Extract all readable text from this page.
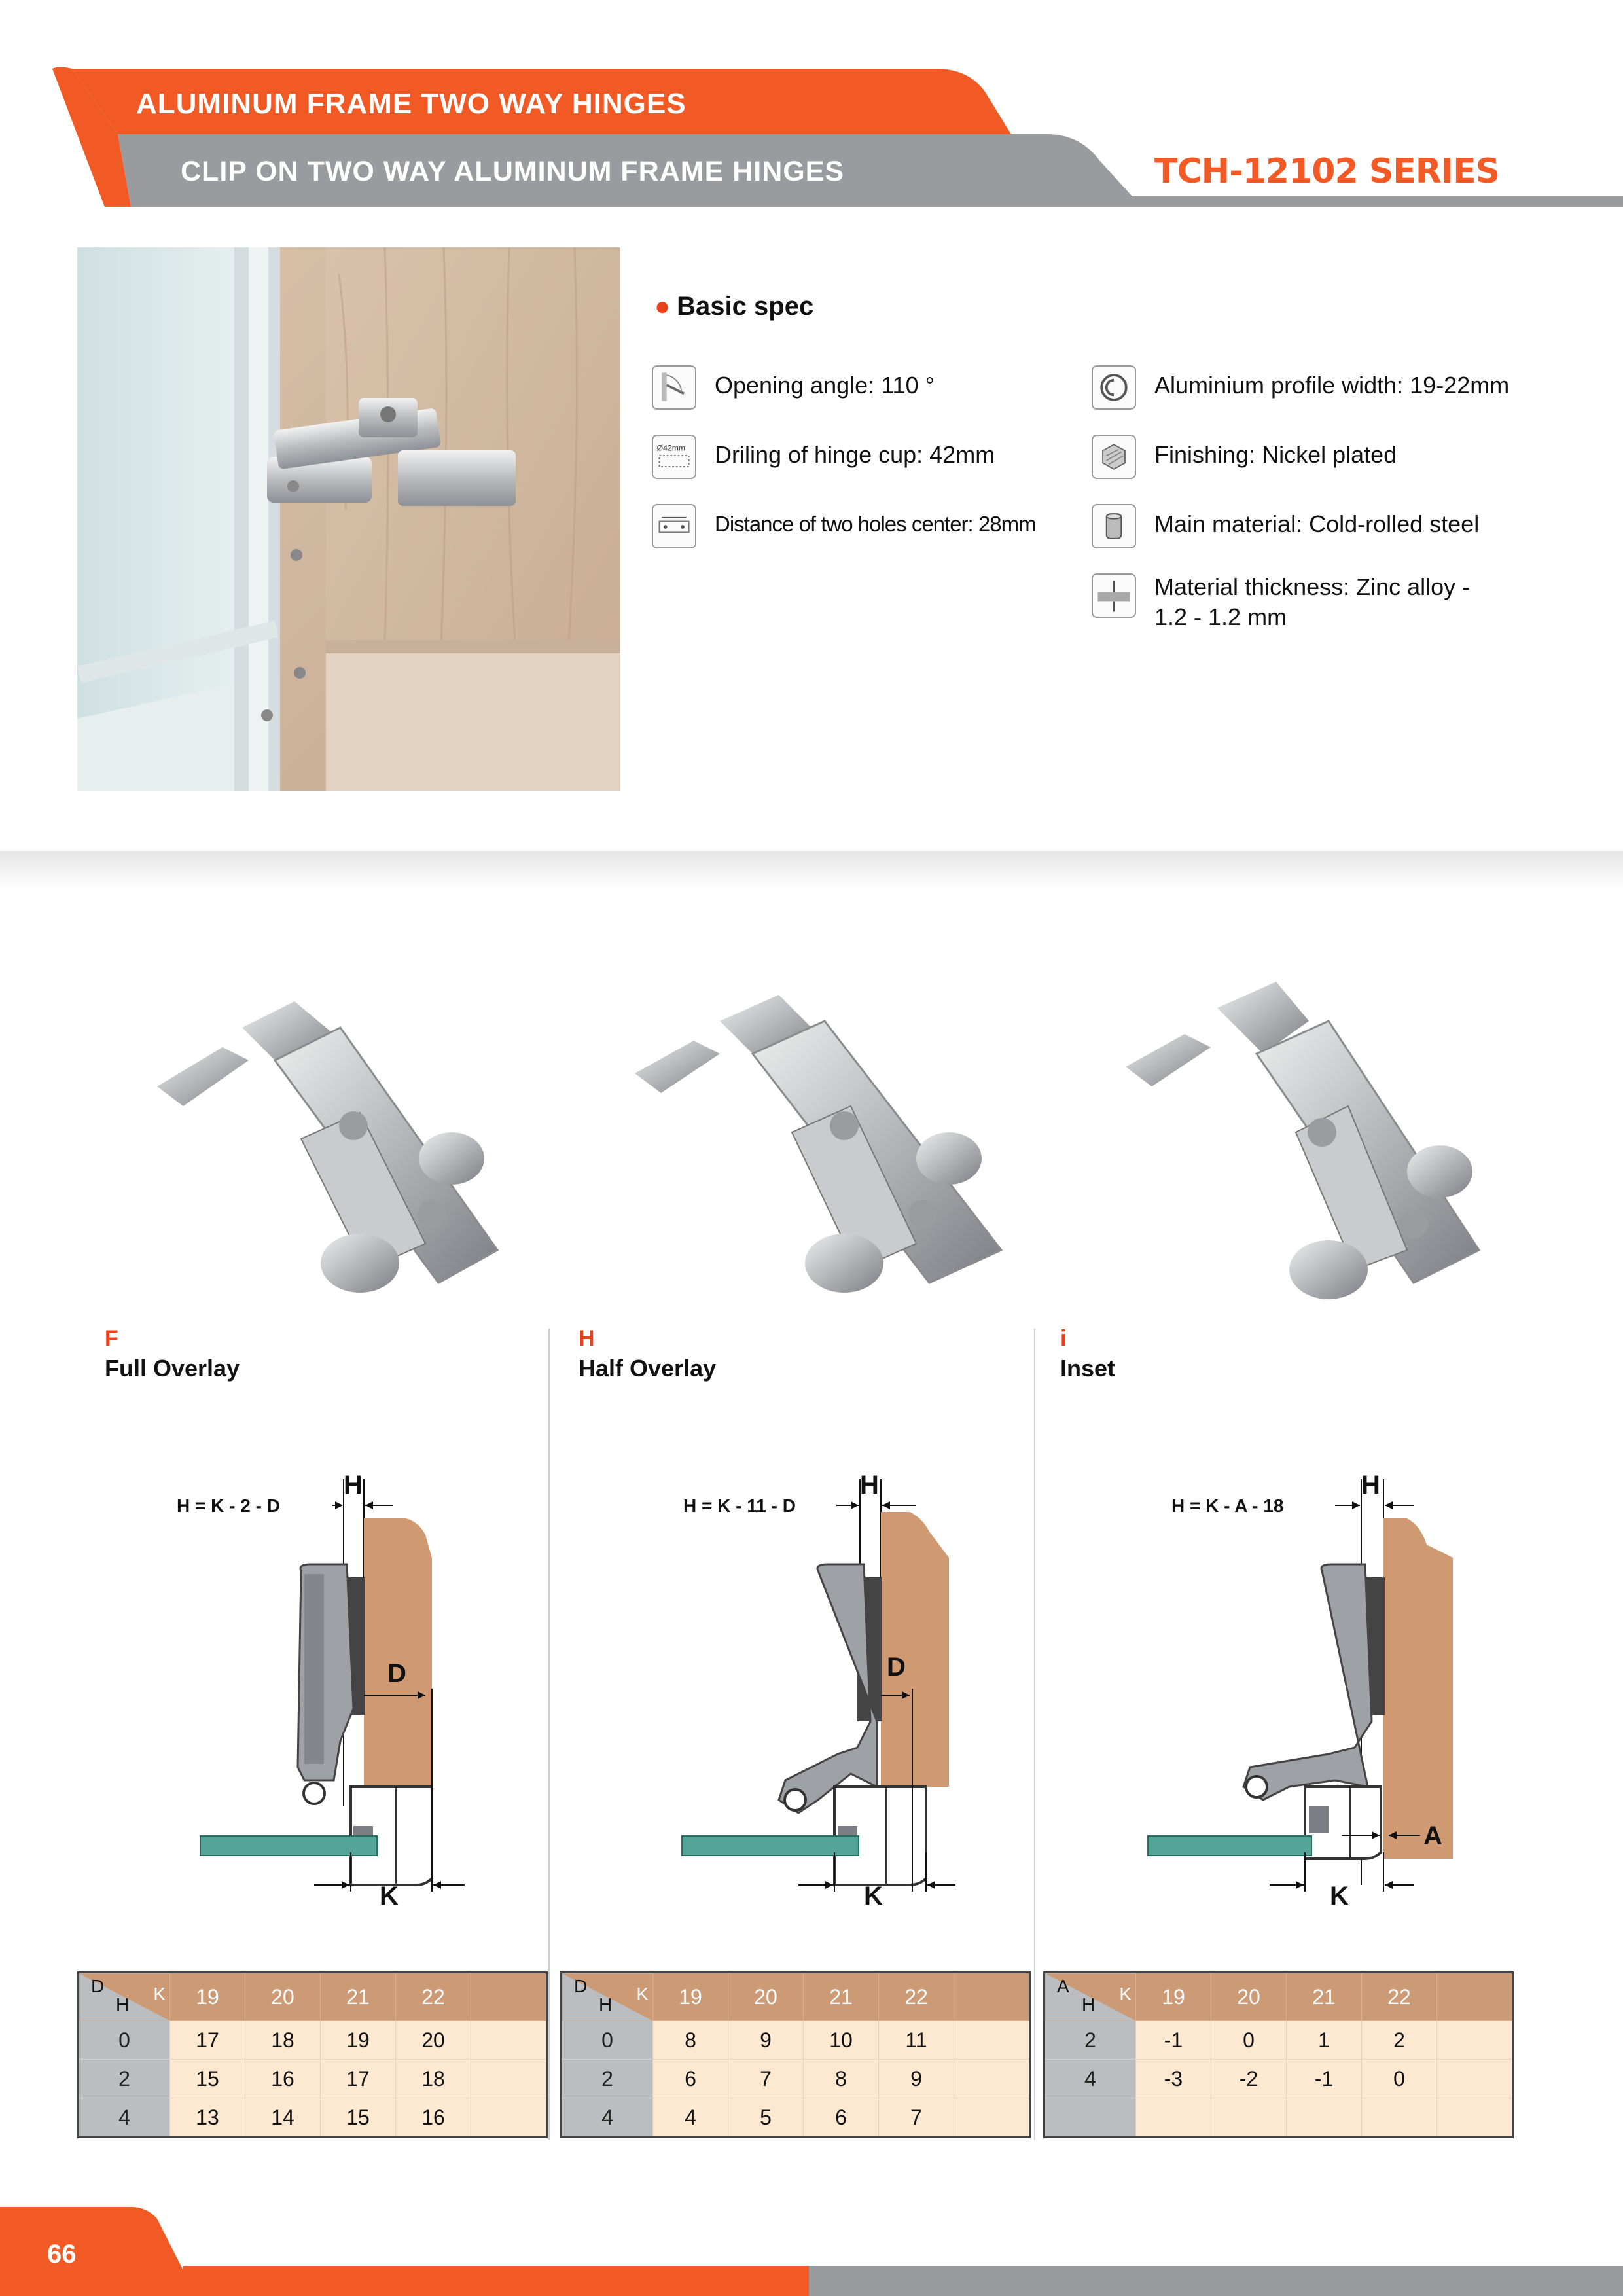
ALUMINUM FRAME TWO WAY HINGES
CLIP ON TWO WAY ALUMINUM FRAME HINGES	TCH-12102 SERIES
● Basic spec
Opening angle: 110 °
Ø42mm Driling of hinge cup: 42mm
Distance of two holes center: 28mm
Aluminium profile width: 19-22mm
Finishing: Nickel plated
Main material: Cold-rolled steel
Material thickness: Zinc alloy -
1.2 - 1.2 mm
F
Full Overlay
H
Half Overlay
i
Inset
H = K - 2 - D
H
D
K
H = K - 11 - D
H
D
K
H = K - A - 18
H
A
K
D
H
K	19	20	21	22	
0	17	18	19	20	
2	15	16	17	18	
4	13	14	15	16	
D
H
K	19	20	21	22	
0	8	9	10	11	
2	6	7	8	9	
4	4	5	6	7	
A
H
K	19	20	21	22	
2	-1	0	1	2	
4	-3	-2	-1	0	

66
